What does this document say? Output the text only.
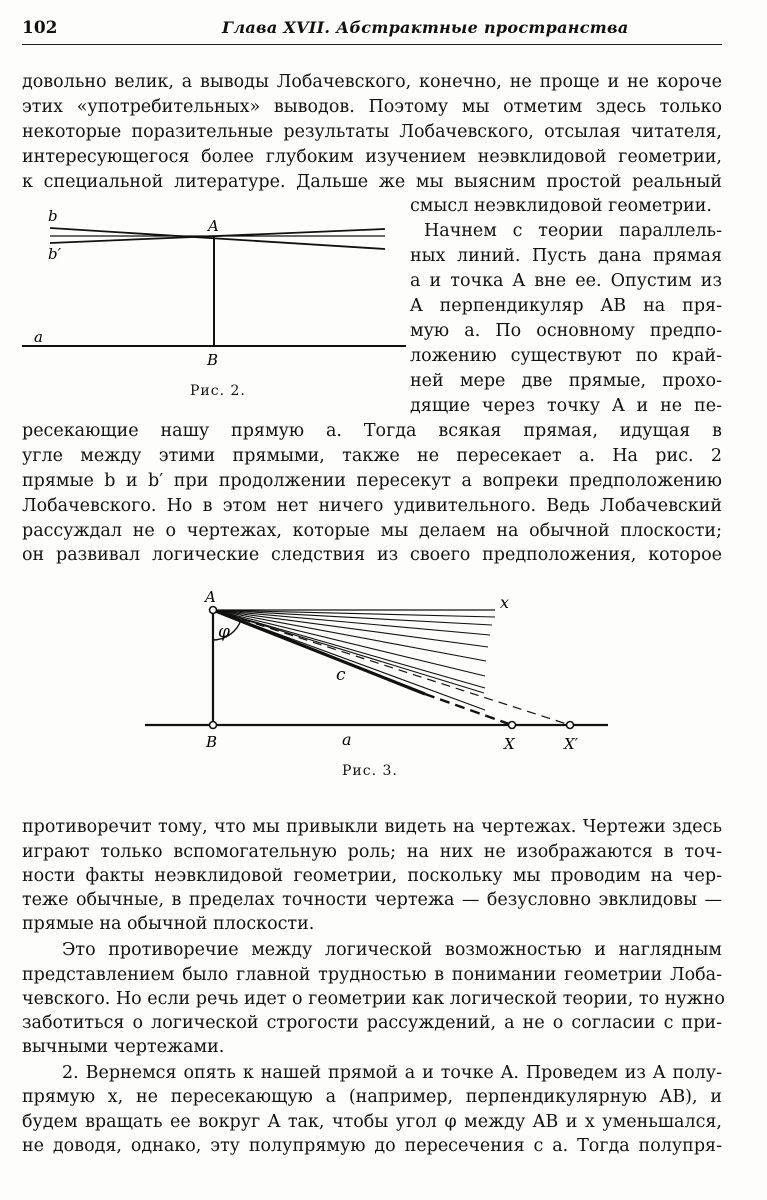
102	Глава XVII. Абстрактные пространства
довольно велик, а выводы Лобачевского, конечно, не проще и не короче
этих «употребительных» выводов. Поэтому мы отметим здесь только
некоторые поразительные результаты Лобачевского, отсылая читателя,
интересующегося более глубоким изучением неэвклидовой геометрии,
к специальной литературе. Дальше же мы выясним простой реальный
смысл неэвклидовой геометрии.
b
b′
A
a
B
Рис. 2.
Начнем с теории параллель-
ных линий. Пусть дана прямая
a и точка A вне ее. Опустим из
A перпендикуляр AB на пря-
мую a. По основному предпо-
ложению существуют по край-
ней мере две прямые, прохо-
дящие через точку A и не пе-
ресекающие нашу прямую a. Тогда всякая прямая, идущая в
угле между этими прямыми, также не пересекает a. На рис. 2
прямые b и b′ при продолжении пересекут a вопреки предположению
Лобачевского. Но в этом нет ничего удивительного. Ведь Лобачевский
рассуждал не о чертежах, которые мы делаем на обычной плоскости;
он развивал логические следствия из своего предположения, которое
A	x
φ
c
B	a	X	X′
Рис. 3.
противоречит тому, что мы привыкли видеть на чертежах. Чертежи здесь
играют только вспомогательную роль; на них не изображаются в точ-
ности факты неэвклидовой геометрии, поскольку мы проводим на чер-
теже обычные, в пределах точности чертежа — безусловно эвклидовы —
прямые на обычной плоскости.
Это противоречие между логической возможностью и наглядным
представлением было главной трудностью в понимании геометрии Лоба-
чевского. Но если речь идет о геометрии как логической теории, то нужно
заботиться о логической строгости рассуждений, а не о согласии с при-
вычными чертежами.
2. Вернемся опять к нашей прямой a и точке A. Проведем из A полу-
прямую x, не пересекающую a (например, перпендикулярную AB), и
будем вращать ее вокруг A так, чтобы угол φ между AB и x уменьшался,
не доводя, однако, эту полупрямую до пересечения с a. Тогда полупря-
